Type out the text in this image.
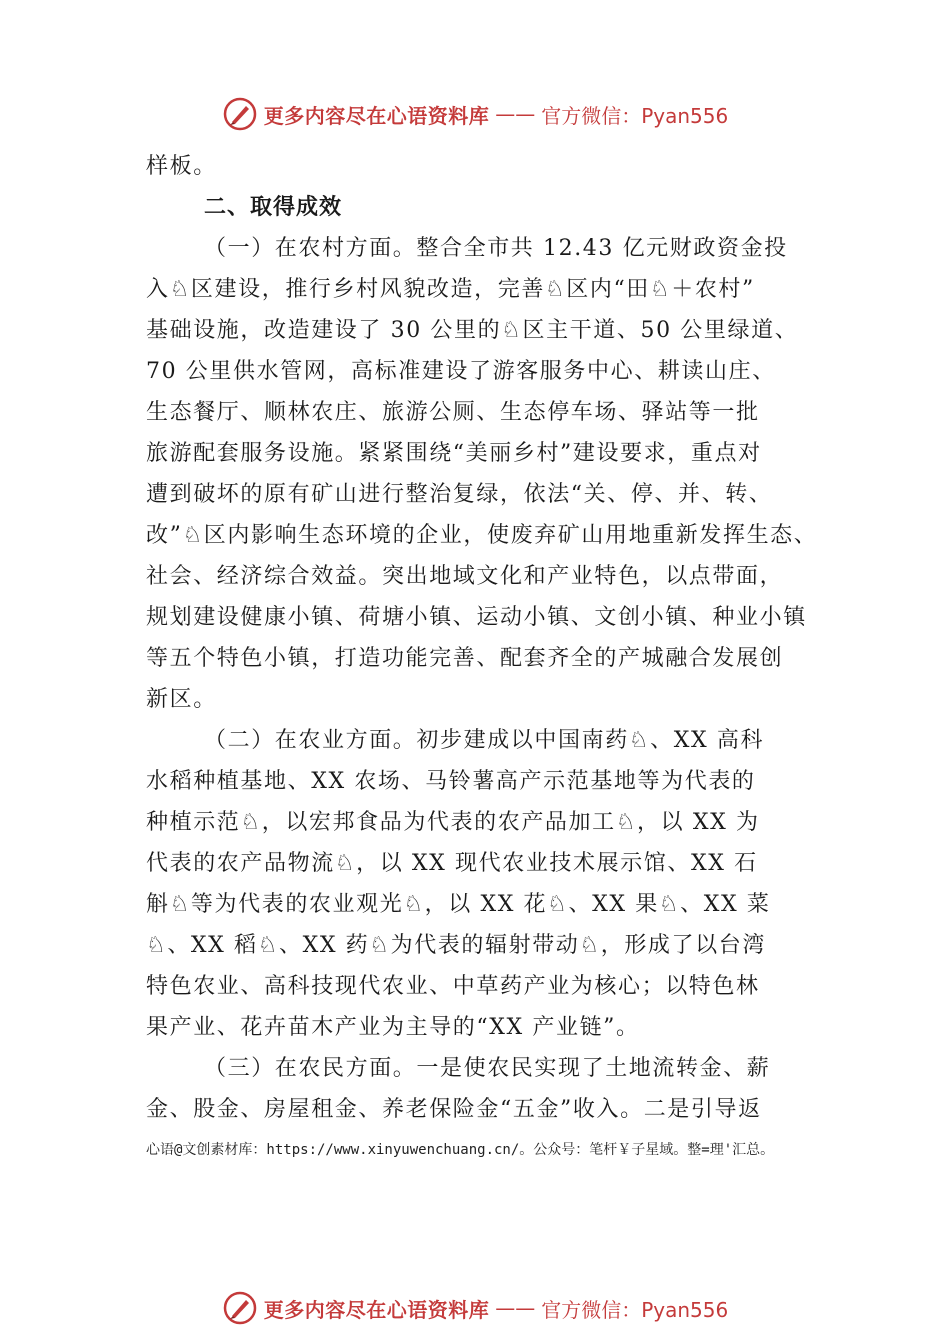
更多内容尽在心语资料库 —— 官方微信：Pyan556
样板。
二、取得成效
（一）在农村方面。整合全市共 12.43 亿元财政资金投
入♘区建设，推行乡村风貌改造，完善♘区内“田♘＋农村”
基础设施，改造建设了 30 公里的♘区主干道、50 公里绿道、
70 公里供水管网，高标准建设了游客服务中心、耕读山庄、
生态餐厅、顺林农庄、旅游公厕、生态停车场、驿站等一批
旅游配套服务设施。紧紧围绕“美丽乡村”建设要求，重点对
遭到破坏的原有矿山进行整治复绿，依法“关、停、并、转、
改”♘区内影响生态环境的企业，使废弃矿山用地重新发挥生态、
社会、经济综合效益。突出地域文化和产业特色，以点带面，
规划建设健康小镇、荷塘小镇、运动小镇、文创小镇、种业小镇
等五个特色小镇，打造功能完善、配套齐全的产城融合发展创
新区。
（二）在农业方面。初步建成以中国南药♘、XX 高科
水稻种植基地、XX 农场、马铃薯高产示范基地等为代表的
种植示范♘，以宏邦食品为代表的农产品加工♘，以 XX 为
代表的农产品物流♘，以 XX 现代农业技术展示馆、XX 石
斛♘等为代表的农业观光♘，以 XX 花♘、XX 果♘、XX 菜
♘、XX 稻♘、XX 药♘为代表的辐射带动♘，形成了以台湾
特色农业、高科技现代农业、中草药产业为核心；以特色林
果产业、花卉苗木产业为主导的“XX 产业链”。
（三）在农民方面。一是使农民实现了土地流转金、薪
金、股金、房屋租金、养老保险金“五金”收入。二是引导返
心语@文创素材库：https://www.xinyuwenchuang.cn/。公众号：笔杆￥子星域。整=理'汇总。
更多内容尽在心语资料库 —— 官方微信：Pyan556
